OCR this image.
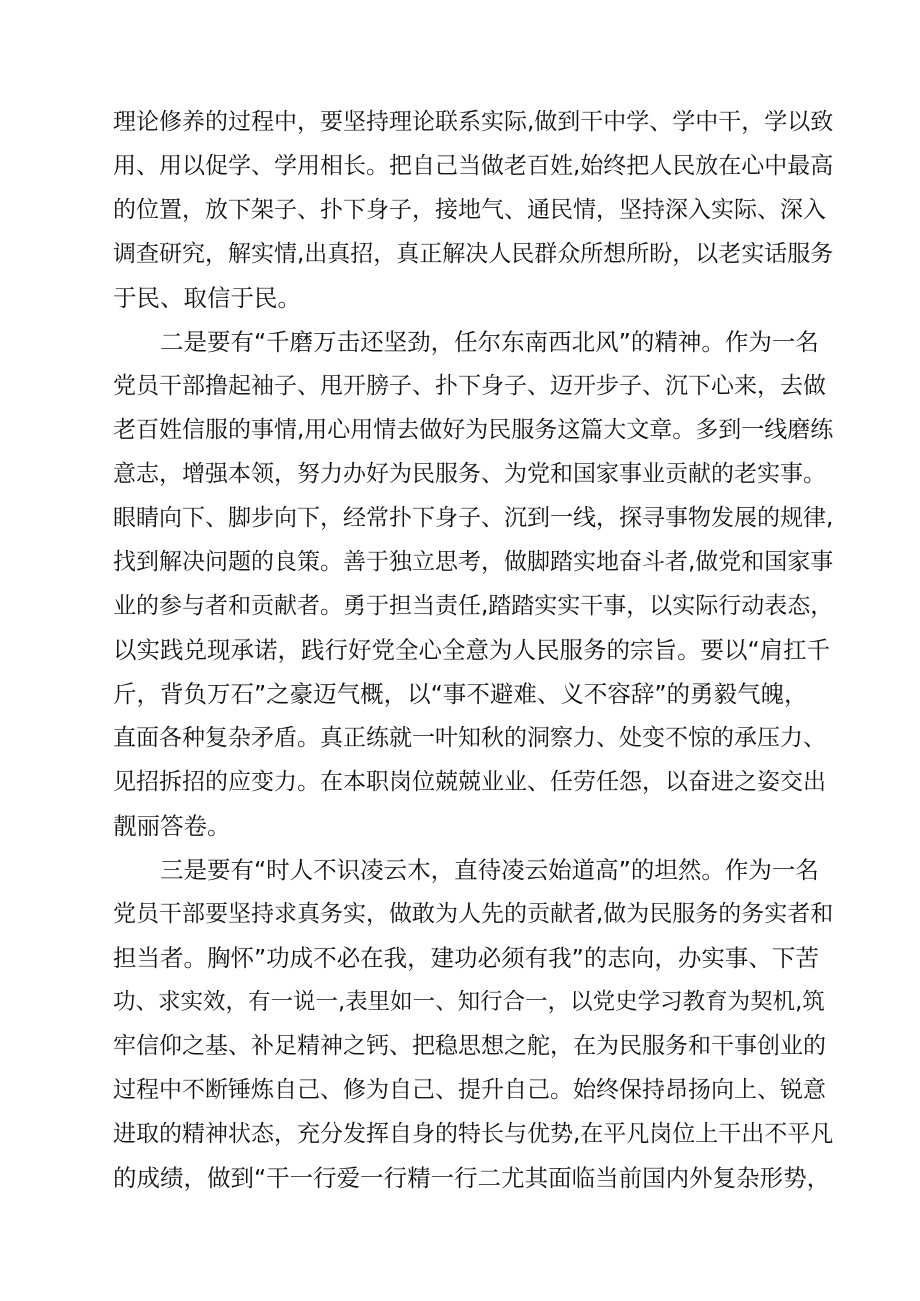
理论修养的过程中，要坚持理论联系实际,做到干中学、学中干，学以致
用、用以促学、学用相长。把自己当做老百姓,始终把人民放在心中最高
的位置，放下架子、扑下身子，接地气、通民情，坚持深入实际、深入
调查研究，解实情,出真招，真正解决人民群众所想所盼，以老实话服务
于民、取信于民。
二是要有“千磨万击还坚劲，任尔东南西北风”的精神。作为一名
党员干部撸起袖子、甩开膀子、扑下身子、迈开步子、沉下心来，去做
老百姓信服的事情,用心用情去做好为民服务这篇大文章。多到一线磨练
意志，增强本领，努力办好为民服务、为党和国家事业贡献的老实事。
眼睛向下、脚步向下，经常扑下身子、沉到一线，探寻事物发展的规律,
找到解决问题的良策。善于独立思考，做脚踏实地奋斗者,做党和国家事
业的参与者和贡献者。勇于担当责任,踏踏实实干事，以实际行动表态，
以实践兑现承诺，践行好党全心全意为人民服务的宗旨。要以“肩扛千
斤，背负万石”之豪迈气概，以“事不避难、义不容辞”的勇毅气魄，
直面各种复杂矛盾。真正练就一叶知秋的洞察力、处变不惊的承压力、
见招拆招的应变力。在本职岗位兢兢业业、任劳任怨，以奋进之姿交出
靓丽答卷。
三是要有“时人不识凌云木，直待凌云始道高”的坦然。作为一名
党员干部要坚持求真务实，做敢为人先的贡献者,做为民服务的务实者和
担当者。胸怀”功成不必在我，建功必须有我”的志向，办实事、下苦
功、求实效，有一说一,表里如一、知行合一，以党史学习教育为契机,筑
牢信仰之基、补足精神之钙、把稳思想之舵，在为民服务和干事创业的
过程中不断锤炼自己、修为自己、提升自己。始终保持昂扬向上、锐意
进取的精神状态，充分发挥自身的特长与优势,在平凡岗位上干出不平凡
的成绩，做到“干一行爱一行精一行二尤其面临当前国内外复杂形势，
